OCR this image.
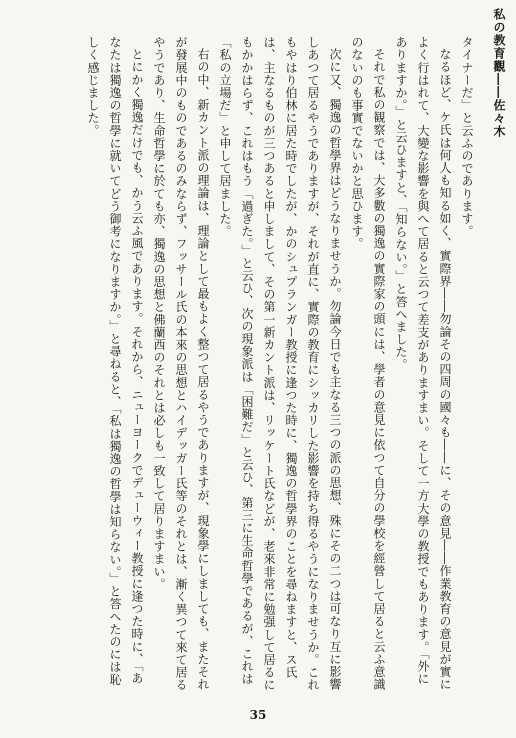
私の教育觀――佐々木

タイナーだ」と云ふのであります。

なるほど、ケ氏は何人も知る如く、實際界――勿論その四周の國々も――に、その意見――作業教育の意見が實によく行はれて、大變な影響を與へて居ると云つて差支がありますまい。そして一方大學の教授でもあります。「外にありますか。」と云ひますと、「知らない。」と答へました。

それで私の観察では、大多數の獨逸の實際家の頭には、學者の意見に依つて自分の學校を經營して居ると云ふ意識のないのも事實でないかと思ひます。

次に又、獨逸の哲學界はどうなりませうか。勿論今日でも主なる三つの派の思想、殊にその二つは可なり互に影響しあつて居るやうでありますが、それが直に、實際の教育にシッカリした影響を持ち得るやうになりませうか。これもやはり伯林に居た時でしたが、かのシュプランガー教授に逢つた時に、獨逸の哲學界のことを尋ねますと、ス氏は、主なるものが三つあると申しまして、その第一新カント派は、リッケート氏などが、老來非常に勉强して居るにもかかはらず、これはもう「過ぎた。」と云ひ、次の現象派は「困難だ」と云ひ、第三に生命哲學であるが、これは「私の立場だ」と申して居ました。

右の中、新カント派の理論は、理論として最もよく整つて居るやうでありますが、現象學にしましても、またそれが發展中のものであるのみならず、フッサール氏の本來の思想とハイデッガー氏等のそれとは、漸く異つて來て居るやうであり、生命哲學に於ても亦、獨逸の思想と佛蘭西のそれとは必しも一致して居りますまい。

とにかく獨逸だけでも、かう云ふ風であります。それから、ニューヨークでデューウィー教授に逢つた時に、「あなたは獨逸の哲學に就いてどう御考になりますか。」と尋ねると、「私は獨逸の哲學は知らない。」と答へたのには恥しく感じました。

35
